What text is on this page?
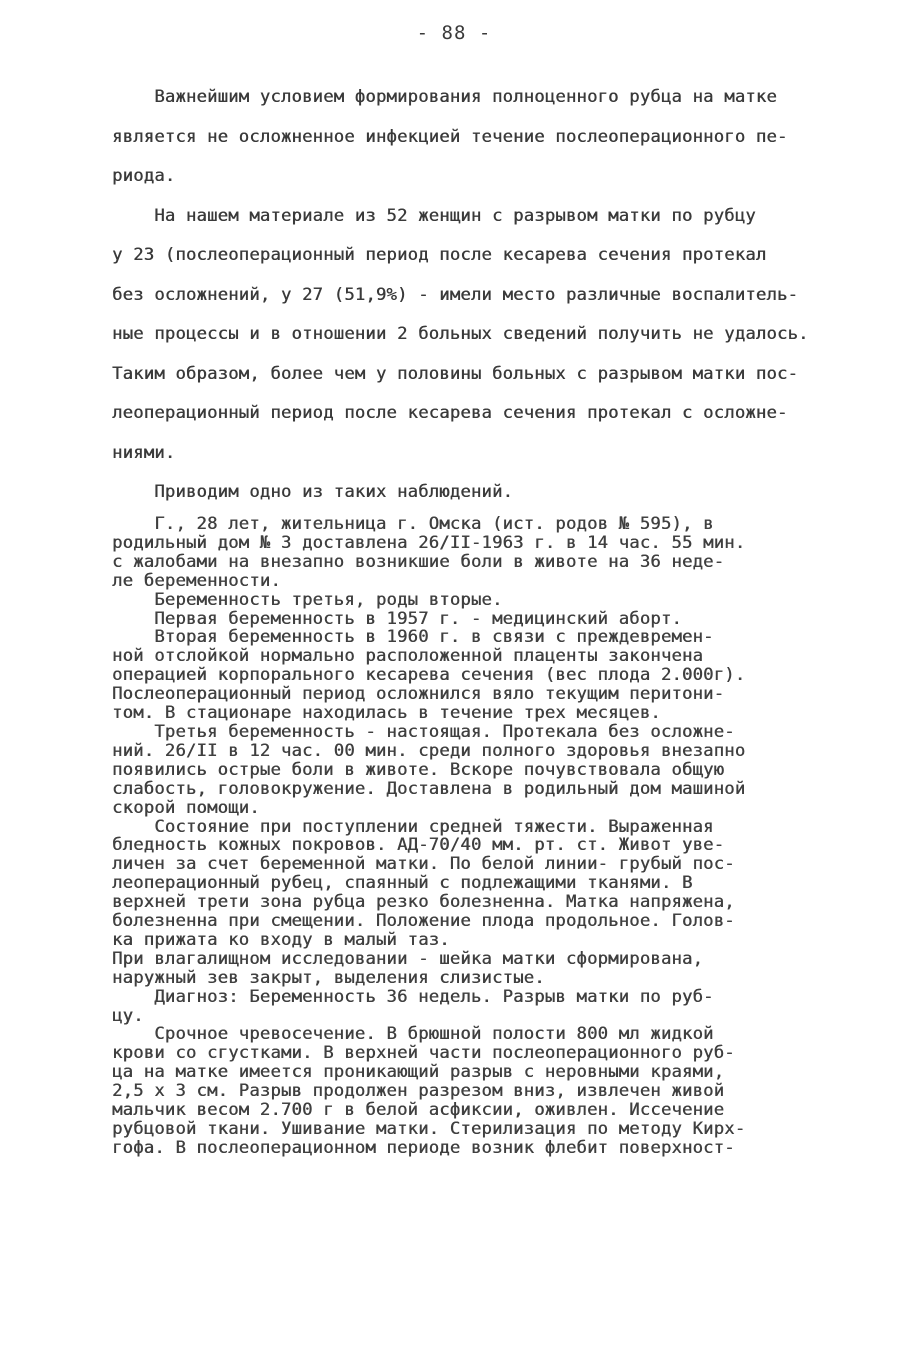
- 88 -
Важнейшим условием формирования полноценного рубца на матке
является не осложненное инфекцией течение послеоперационного пе-
риода.
На нашем материале из 52 женщин с разрывом матки по рубцу
у 23 (послеоперационный период после кесарева сечения протекал
без осложнений, у 27 (51,9%) - имели место различные воспалитель-
ные процессы и в отношении 2 больных сведений получить не удалось.
Таким образом, более чем у половины больных с разрывом матки пос-
леоперационный период после кесарева сечения протекал с осложне-
ниями.
Приводим одно из таких наблюдений.
Г., 28 лет, жительница г. Омска (ист. родов № 595), в
родильный дом № 3 доставлена 26/II-1963 г. в 14 час. 55 мин.
с жалобами на внезапно возникшие боли в животе на 36 неде-
ле беременности.
Беременность третья, роды вторые.
Первая беременность в 1957 г. - медицинский аборт.
Вторая беременность в 1960 г. в связи с преждевремен-
ной отслойкой нормально расположенной плаценты закончена
операцией корпорального кесарева сечения (вес плода 2.000г).
Послеоперационный период осложнился вяло текущим перитони-
том. В стационаре находилась в течение трех месяцев.
Третья беременность - настоящая. Протекала без осложне-
ний. 26/II в 12 час. 00 мин. среди полного здоровья внезапно
появились острые боли в животе. Вскоре почувствовала общую
слабость, головокружение. Доставлена в родильный дом машиной
скорой помощи.
Состояние при поступлении средней тяжести. Выраженная
бледность кожных покровов. АД-70/40 мм. рт. ст. Живот уве-
личен за счет беременной матки. По белой линии- грубый пос-
леоперационный рубец, спаянный с подлежащими тканями. В
верхней трети зона рубца резко болезненна. Матка напряжена,
болезненна при смещении. Положение плода продольное. Голов-
ка прижата ко входу в малый таз.
При влагалищном исследовании - шейка матки сформирована,
наружный зев закрыт, выделения слизистые.
Диагноз: Беременность 36 недель. Разрыв матки по руб-
цу.
Срочное чревосечение. В брюшной полости 800 мл жидкой
крови со сгустками. В верхней части послеоперационного руб-
ца на матке имеется проникающий разрыв с неровными краями,
2,5 х 3 см. Разрыв продолжен разрезом вниз, извлечен живой
мальчик весом 2.700 г в белой асфиксии, оживлен. Иссечение
рубцовой ткани. Ушивание матки. Стерилизация по методу Кирх-
гофа. В послеоперационном периоде возник флебит поверхност-
